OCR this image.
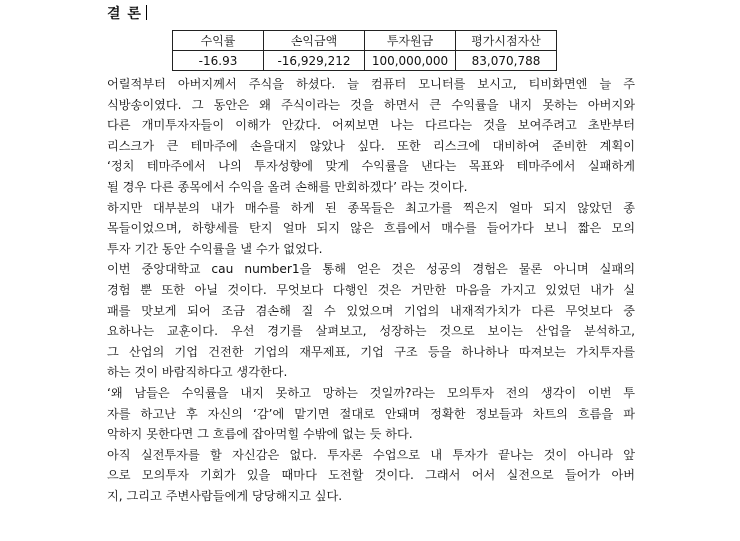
결 론
수익률	손익금액	투자원금	평가시점자산
-16.93	-16,929,212	100,000,000	83,070,788
어릴적부터 아버지께서 주식을 하셨다. 늘 컴퓨터 모니터를 보시고, 티비화면엔 늘 주
식방송이였다. 그 동안은 왜 주식이라는 것을 하면서 큰 수익률을 내지 못하는 아버지와
다른 개미투자자들이 이해가 안갔다. 어찌보면 나는 다르다는 것을 보여주려고 초반부터
리스크가 큰 테마주에 손을대지 않았나 싶다. 또한 리스크에 대비하여 준비한 계획이
‘정치 테마주에서 나의 투자성향에 맞게 수익률을 낸다는 목표와 테마주에서 실패하게
될 경우 다른 종목에서 수익을 올려 손해를 만회하겠다’ 라는 것이다.
하지만 대부분의 내가 매수를 하게 된 종목들은 최고가를 찍은지 얼마 되지 않았던 종
목들이었으며, 하향세를 탄지 얼마 되지 않은 흐름에서 매수를 들어가다 보니 짧은 모의
투자 기간 동안 수익률을 낼 수가 없었다.
이번 중앙대학교 cau number1을 통해 얻은 것은 성공의 경험은 물론 아니며 실패의
경험 뿐 또한 아닐 것이다. 무엇보다 다행인 것은 거만한 마음을 가지고 있었던 내가 실
패를 맛보게 되어 조금 겸손해 질 수 있었으며 기업의 내재적가치가 다른 무엇보다 중
요하나는 교훈이다. 우선 경기를 살펴보고, 성장하는 것으로 보이는 산업을 분석하고,
그 산업의 기업 건전한 기업의 재무제표, 기업 구조 등을 하나하나 따져보는 가치투자를
하는 것이 바람직하다고 생각한다.
‘왜 남들은 수익률을 내지 못하고 망하는 것일까?라는 모의투자 전의 생각이 이번 투
자를 하고난 후 자신의 ‘감’에 맡기면 절대로 안돼며 정확한 정보들과 차트의 흐름을 파
악하지 못한다면 그 흐름에 잡아먹힐 수밖에 없는 듯 하다.
아직 실전투자를 할 자신감은 없다. 투자론 수업으로 내 투자가 끝나는 것이 아니라 앞
으로 모의투자 기회가 있을 때마다 도전할 것이다. 그래서 어서 실전으로 들어가 아버
지, 그리고 주변사람들에게 당당해지고 싶다.
